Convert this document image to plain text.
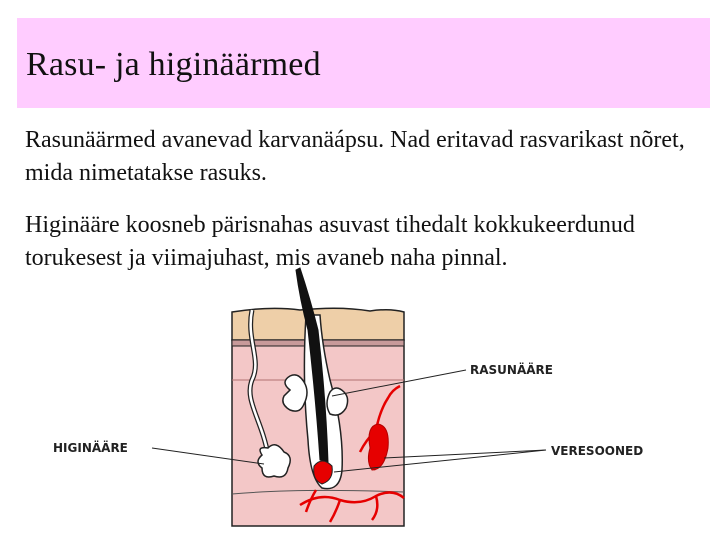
Rasu- ja higinäärmed

Rasunäärmed avanevad karvanäápsu. Nad eritavad rasvarikast nõret, mida nimetatakse rasuks.

Higinääre koosneb pärisnahas asuvast tihedalt kokkukeerdunud torukesest ja viimajuhast, mis avaneb naha pinnal.

RASUNÄÄRE
HIGINÄÄRE	VERESOONED
